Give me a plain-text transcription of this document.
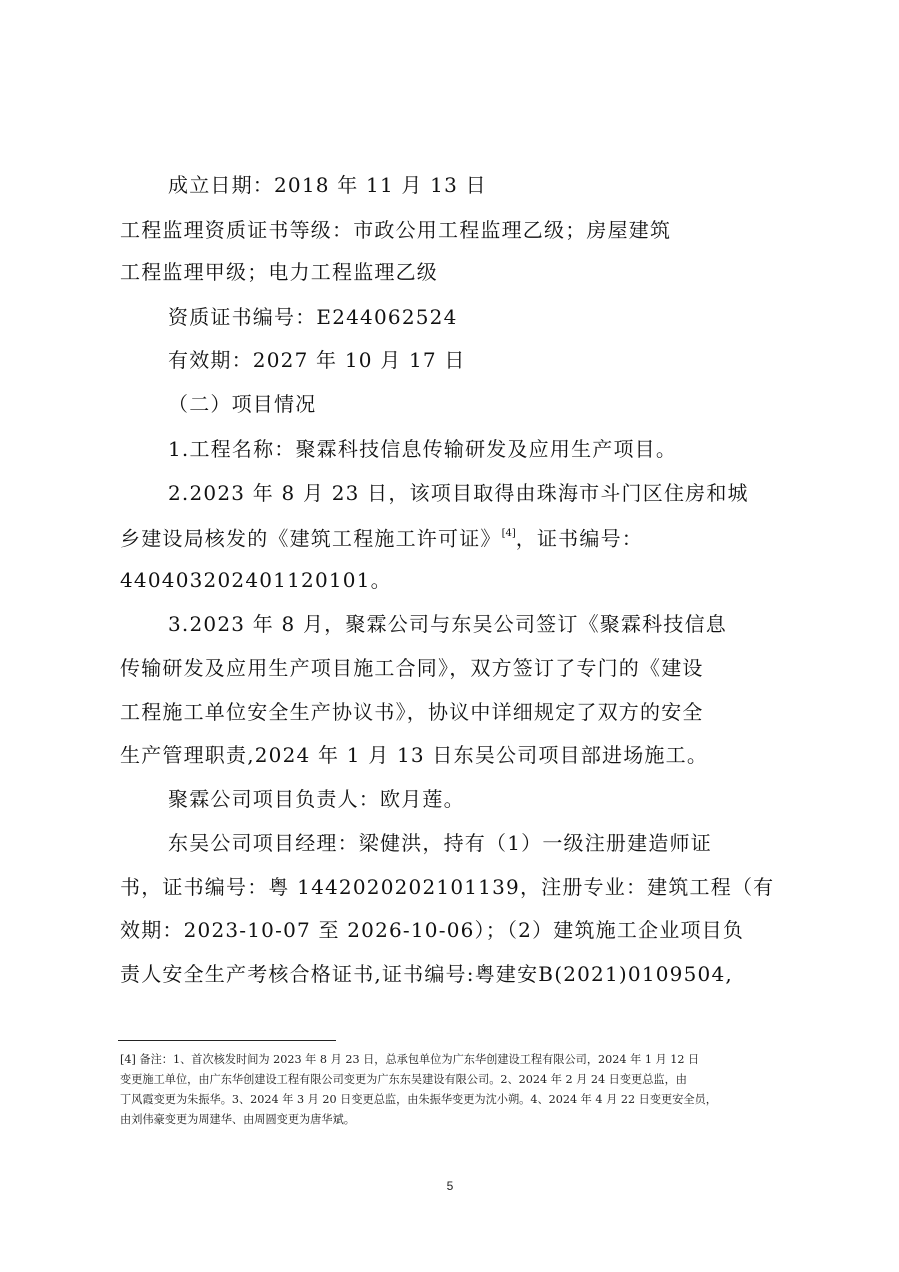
成立日期：2018 年 11 月 13 日
工程监理资质证书等级：市政公用工程监理乙级；房屋建筑
工程监理甲级；电力工程监理乙级
资质证书编号：E244062524
有效期：2027 年 10 月 17 日
（二）项目情况
1.工程名称：聚霖科技信息传输研发及应用生产项目。
2.2023 年 8 月 23 日，该项目取得由珠海市斗门区住房和城
乡建设局核发的《建筑工程施工许可证》[4]，证书编号：
440403202401120101。
3.2023 年 8 月，聚霖公司与东吴公司签订《聚霖科技信息
传输研发及应用生产项目施工合同》，双方签订了专门的《建设
工程施工单位安全生产协议书》，协议中详细规定了双方的安全
生产管理职责,2024 年 1 月 13 日东吴公司项目部进场施工。
聚霖公司项目负责人：欧月莲。
东吴公司项目经理：梁健洪，持有（1）一级注册建造师证
书，证书编号：粤 1442020202101139，注册专业：建筑工程（有
效期：2023-10-07 至 2026-10-06）；（2）建筑施工企业项目负
责人安全生产考核合格证书,证书编号:粤建安B(2021)0109504,
[4] 备注：1、首次核发时间为 2023 年 8 月 23 日，总承包单位为广东华创建设工程有限公司，2024 年 1 月 12 日
变更施工单位，由广东华创建设工程有限公司变更为广东东吴建设有限公司。2、2024 年 2 月 24 日变更总监，由
丁风霞变更为朱振华。3、2024 年 3 月 20 日变更总监，由朱振华变更为沈小朔。4、2024 年 4 月 22 日变更安全员，
由刘伟豪变更为周建华、由周圆变更为唐华斌。
5
